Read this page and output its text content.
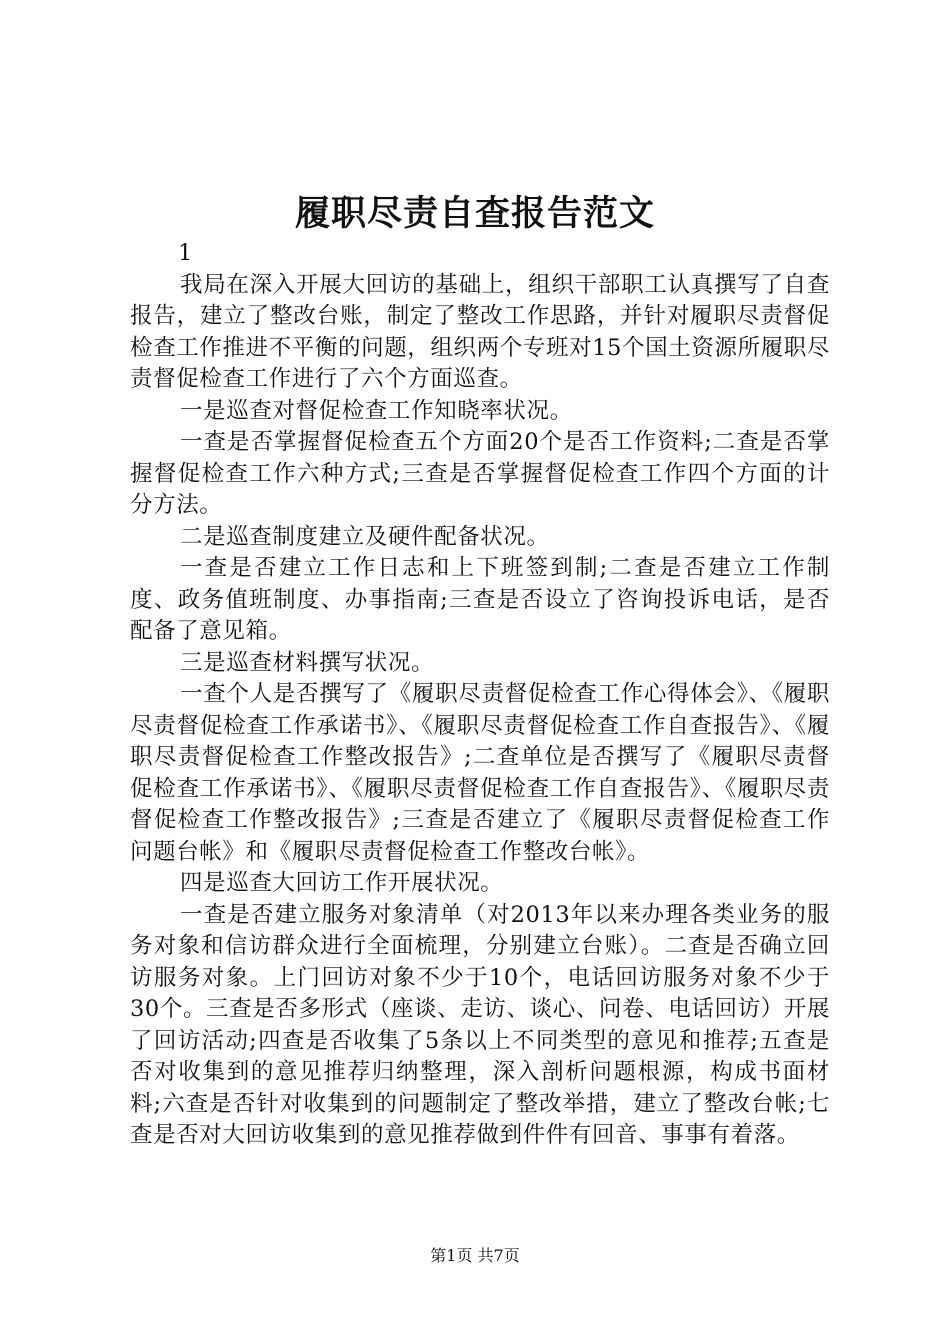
履职尽责自查报告范文

1

我局在深入开展大回访的基础上，组织干部职工认真撰写了自查报告，建立了整改台账，制定了整改工作思路，并针对履职尽责督促检查工作推进不平衡的问题，组织两个专班对15个国土资源所履职尽责督促检查工作进行了六个方面巡查。

一是巡查对督促检查工作知晓率状况。

一查是否掌握督促检查五个方面20个是否工作资料;二查是否掌握督促检查工作六种方式;三查是否掌握督促检查工作四个方面的计分方法。

二是巡查制度建立及硬件配备状况。

一查是否建立工作日志和上下班签到制;二查是否建立工作制度、政务值班制度、办事指南;三查是否设立了咨询投诉电话，是否配备了意见箱。

三是巡查材料撰写状况。

一查个人是否撰写了《履职尽责督促检查工作心得体会》、《履职尽责督促检查工作承诺书》、《履职尽责督促检查工作自查报告》、《履职尽责督促检查工作整改报告》;二查单位是否撰写了《履职尽责督促检查工作承诺书》、《履职尽责督促检查工作自查报告》、《履职尽责督促检查工作整改报告》;三查是否建立了《履职尽责督促检查工作问题台帐》和《履职尽责督促检查工作整改台帐》。

四是巡查大回访工作开展状况。

一查是否建立服务对象清单（对2013年以来办理各类业务的服务对象和信访群众进行全面梳理，分别建立台账）。二查是否确立回访服务对象。上门回访对象不少于10个，电话回访服务对象不少于30个。三查是否多形式（座谈、走访、谈心、问卷、电话回访）开展了回访活动;四查是否收集了5条以上不同类型的意见和推荐;五查是否对收集到的意见推荐归纳整理，深入剖析问题根源，构成书面材料;六查是否针对收集到的问题制定了整改举措，建立了整改台帐;七查是否对大回访收集到的意见推荐做到件件有回音、事事有着落。

第1页 共7页
